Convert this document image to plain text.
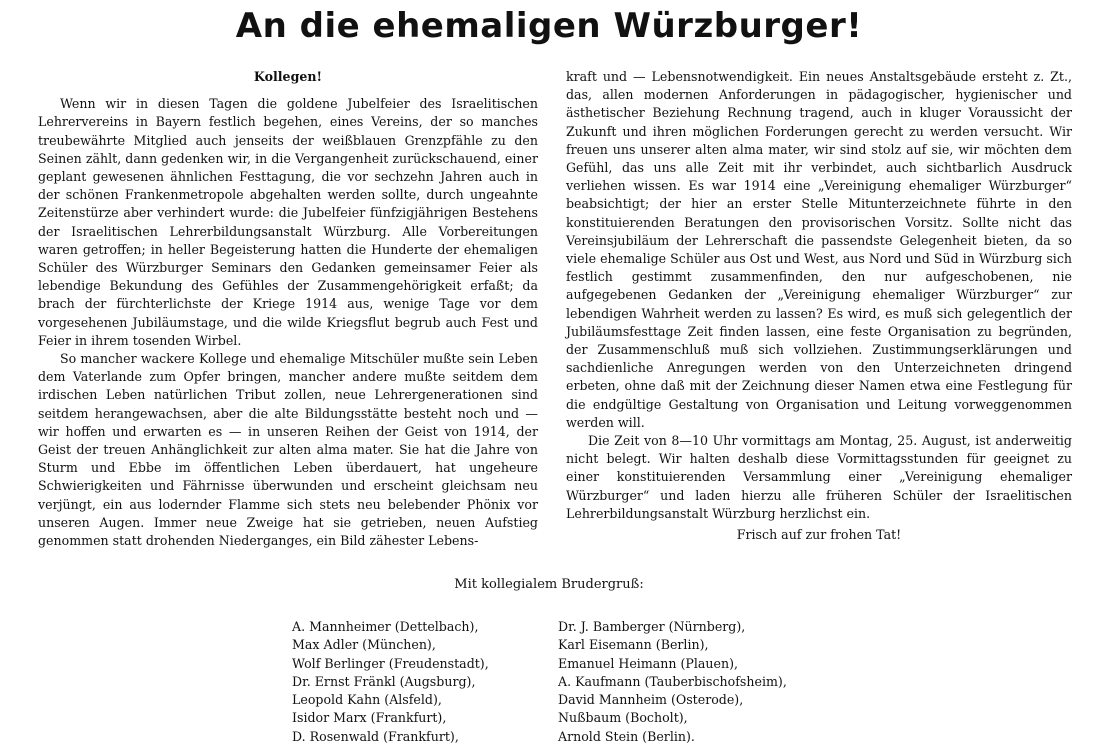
An die ehemaligen Würzburger!

Kollegen!

Wenn wir in diesen Tagen die goldene Jubelfeier des Israelitischen Lehrervereins in Bayern festlich begehen, eines Vereins, der so manches treubewährte Mitglied auch jenseits der weißblauen Grenzpfähle zu den Seinen zählt, dann gedenken wir, in die Vergangenheit zurückschauend, einer geplant gewesenen ähnlichen Festtagung, die vor sechzehn Jahren auch in der schönen Frankenmetropole abgehalten werden sollte, durch ungeahnte Zeitenstürze aber verhindert wurde: die Jubelfeier fünfzigjährigen Bestehens der Israelitischen Lehrerbildungsanstalt Würzburg. Alle Vorbereitungen waren getroffen; in heller Begeisterung hatten die Hunderte der ehemaligen Schüler des Würzburger Seminars den Gedanken gemeinsamer Feier als lebendige Bekundung des Gefühles der Zusammengehörigkeit erfaßt; da brach der fürchterlichste der Kriege 1914 aus, wenige Tage vor dem vorgesehenen Jubiläumstage, und die wilde Kriegsflut begrub auch Fest und Feier in ihrem tosenden Wirbel.

So mancher wackere Kollege und ehemalige Mitschüler mußte sein Leben dem Vaterlande zum Opfer bringen, mancher andere mußte seitdem dem irdischen Leben natürlichen Tribut zollen, neue Lehrergenerationen sind seitdem herangewachsen, aber die alte Bildungsstätte besteht noch und — wir hoffen und erwarten es — in unseren Reihen der Geist von 1914, der Geist der treuen Anhänglichkeit zur alten alma mater. Sie hat die Jahre von Sturm und Ebbe im öffentlichen Leben überdauert, hat ungeheure Schwierigkeiten und Fährnisse überwunden und erscheint gleichsam neu verjüngt, ein aus lodernder Flamme sich stets neu belebender Phönix vor unseren Augen. Immer neue Zweige hat sie getrieben, neuen Aufstieg genommen statt drohenden Niederganges, ein Bild zähester Lebens-

kraft und — Lebensnotwendigkeit. Ein neues Anstaltsgebäude ersteht z. Zt., das, allen modernen Anforderungen in pädagogischer, hygienischer und ästhetischer Beziehung Rechnung tragend, auch in kluger Voraussicht der Zukunft und ihren möglichen Forderungen gerecht zu werden versucht. Wir freuen uns unserer alten alma mater, wir sind stolz auf sie, wir möchten dem Gefühl, das uns alle Zeit mit ihr verbindet, auch sichtbarlich Ausdruck verliehen wissen. Es war 1914 eine „Vereinigung ehemaliger Würzburger“ beabsichtigt; der hier an erster Stelle Mitunterzeichnete führte in den konstituierenden Beratungen den provisorischen Vorsitz. Sollte nicht das Vereinsjubiläum der Lehrerschaft die passendste Gelegenheit bieten, da so viele ehemalige Schüler aus Ost und West, aus Nord und Süd in Würzburg sich festlich gestimmt zusammenfinden, den nur aufgeschobenen, nie aufgegebenen Gedanken der „Vereinigung ehemaliger Würzburger“ zur lebendigen Wahrheit werden zu lassen? Es wird, es muß sich gelegentlich der Jubiläumsfesttage Zeit finden lassen, eine feste Organisation zu begründen, der Zusammenschluß muß sich vollziehen. Zustimmungserklärungen und sachdienliche Anregungen werden von den Unterzeichneten dringend erbeten, ohne daß mit der Zeichnung dieser Namen etwa eine Festlegung für die endgültige Gestaltung von Organisation und Leitung vorweggenommen werden will.

Die Zeit von 8—10 Uhr vormittags am Montag, 25. August, ist anderweitig nicht belegt. Wir halten deshalb diese Vormittagsstunden für geeignet zu einer konstituierenden Versammlung einer „Vereinigung ehemaliger Würzburger“ und laden hierzu alle früheren Schüler der Israelitischen Lehrerbildungsanstalt Würzburg herzlichst ein.

Frisch auf zur frohen Tat!

Mit kollegialem Brudergruß:
A. Mannheimer (Dettelbach),
Max Adler (München),
Wolf Berlinger (Freudenstadt),
Dr. Ernst Fränkl (Augsburg),
Leopold Kahn (Alsfeld),
Isidor Marx (Frankfurt),
D. Rosenwald (Frankfurt),
Dr. J. Bamberger (Nürnberg),
Karl Eisemann (Berlin),
Emanuel Heimann (Plauen),
A. Kaufmann (Tauberbischofsheim),
David Mannheim (Osterode),
Nußbaum (Bocholt),
Arnold Stein (Berlin).
